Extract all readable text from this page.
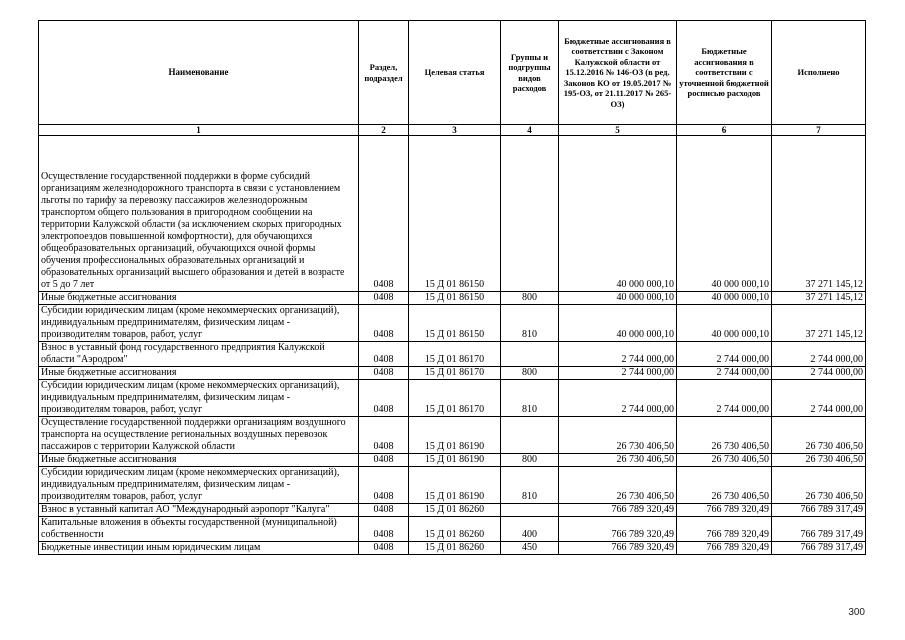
Наименование	Раздел, подраздел	Целевая статья	Группы и подгруппы видов расходов	Бюджетные ассигнования в соответствии с Законом Калужской области от 15.12.2016 № 146-ОЗ (в ред. Законов КО от 19.05.2017 № 195-ОЗ, от 21.11.2017 № 265-ОЗ)	Бюджетные ассигнования в соответствии с уточненной бюджетной росписью расходов	Исполнено
1	2	3	4	5	6	7
Осуществление государственной поддержки в форме субсидий организациям железнодорожного транспорта в связи с установлением льготы по тарифу за перевозку пассажиров железнодорожным транспортом общего пользования в пригородном сообщении на территории Калужской области (за исключением скорых пригородных электропоездов повышенной комфортности), для обучающихся общеобразовательных организаций, обучающихся очной формы обучения профессиональных образовательных организаций и образовательных организаций высшего образования и детей в возрасте от 5 до 7 лет	0408	15 Д 01 86150		40 000 000,10	40 000 000,10	37 271 145,12
Иные бюджетные ассигнования	0408	15 Д 01 86150	800	40 000 000,10	40 000 000,10	37 271 145,12
Субсидии юридическим лицам (кроме некоммерческих организаций), индивидуальным предпринимателям, физическим лицам - производителям товаров, работ, услуг	0408	15 Д 01 86150	810	40 000 000,10	40 000 000,10	37 271 145,12
Взнос в уставный фонд государственного предприятия Калужской области "Аэродром"	0408	15 Д 01 86170		2 744 000,00	2 744 000,00	2 744 000,00
Иные бюджетные ассигнования	0408	15 Д 01 86170	800	2 744 000,00	2 744 000,00	2 744 000,00
Субсидии юридическим лицам (кроме некоммерческих организаций), индивидуальным предпринимателям, физическим лицам - производителям товаров, работ, услуг	0408	15 Д 01 86170	810	2 744 000,00	2 744 000,00	2 744 000,00
Осуществление государственной поддержки организациям воздушного транспорта на осуществление региональных воздушных перевозок пассажиров с территории Калужской области	0408	15 Д 01 86190		26 730 406,50	26 730 406,50	26 730 406,50
Иные бюджетные ассигнования	0408	15 Д 01 86190	800	26 730 406,50	26 730 406,50	26 730 406,50
Субсидии юридическим лицам (кроме некоммерческих организаций), индивидуальным предпринимателям, физическим лицам - производителям товаров, работ, услуг	0408	15 Д 01 86190	810	26 730 406,50	26 730 406,50	26 730 406,50
Взнос в уставный капитал АО "Международный аэропорт "Калуга"	0408	15 Д 01 86260		766 789 320,49	766 789 320,49	766 789 317,49
Капитальные вложения в объекты государственной (муниципальной) собственности	0408	15 Д 01 86260	400	766 789 320,49	766 789 320,49	766 789 317,49
Бюджетные инвестиции иным юридическим лицам	0408	15 Д 01 86260	450	766 789 320,49	766 789 320,49	766 789 317,49
300
